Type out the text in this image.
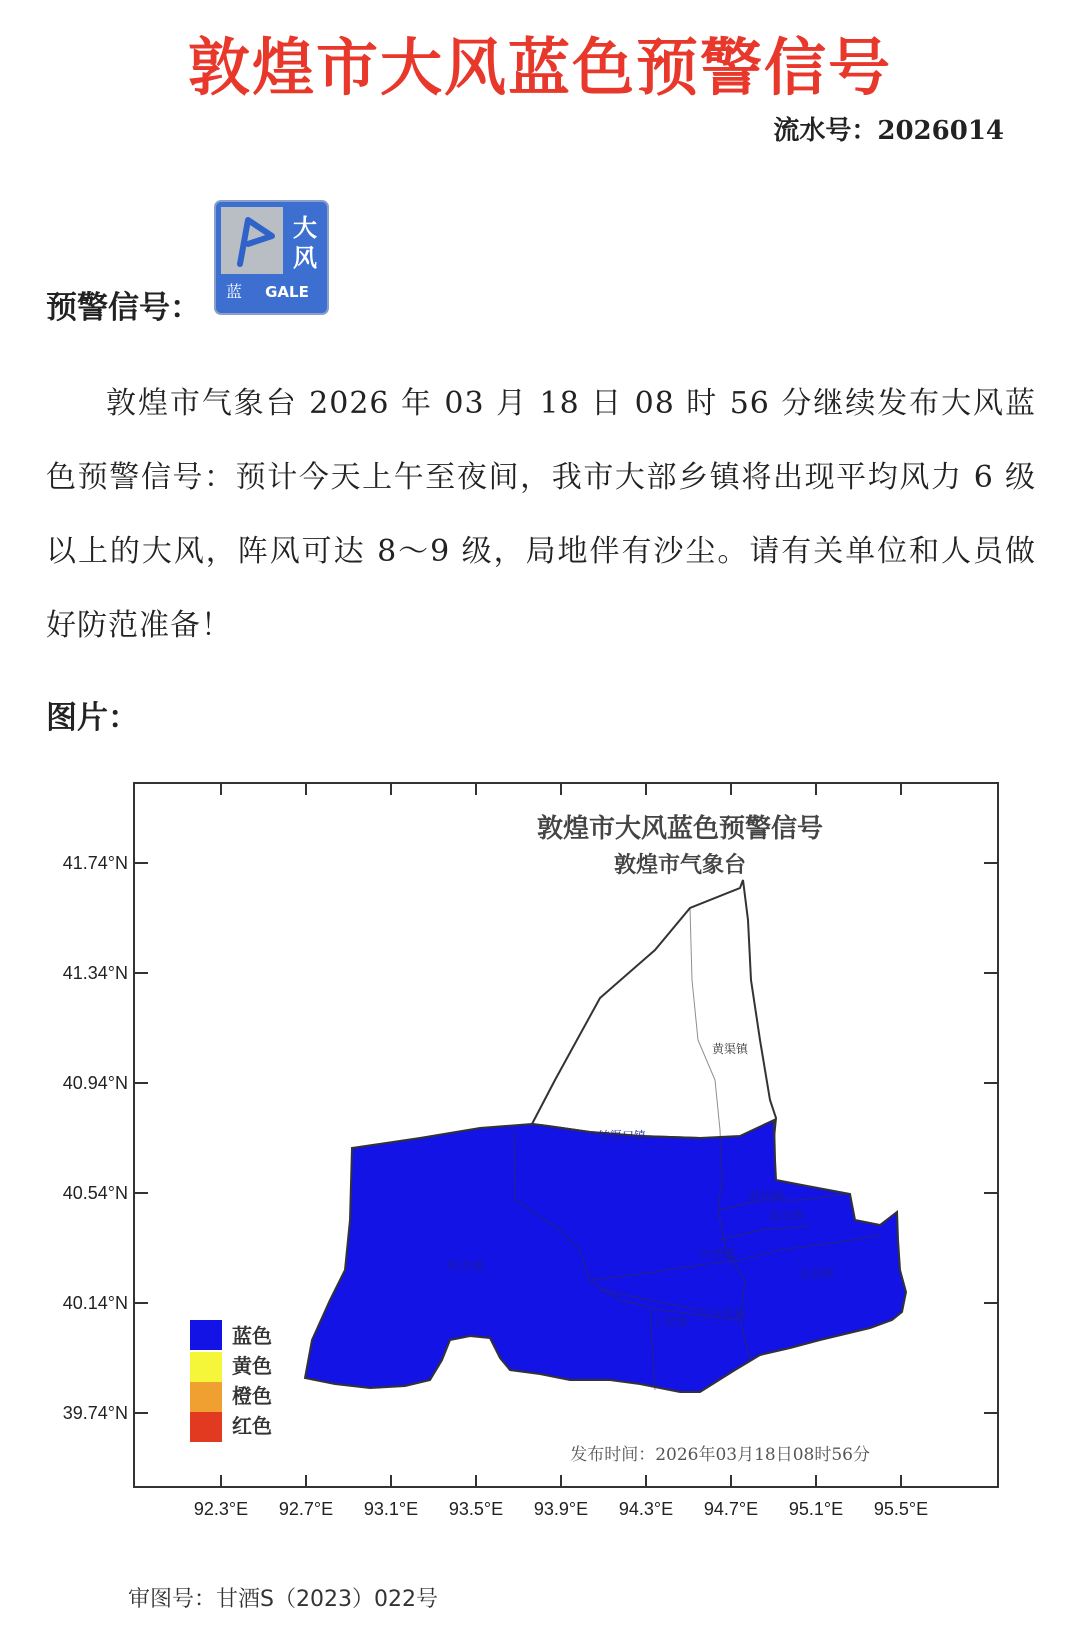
敦煌市大风蓝色预警信号
流水号：2026014
预警信号：
大
风
蓝 GALE
敦煌市气象台 2026 年 03 月 18 日 08 时 56 分继续发布大风蓝色预警信号：预计今天上午至夜间，我市大部乡镇将出现平均风力 6 级以上的大风，阵风可达 8～9 级，局地伴有沙尘。请有关单位和人员做好防范准备！
图片：
敦煌市大风蓝色预警信号
敦煌市气象台
41.74°N
41.34°N
40.94°N
40.54°N
40.14°N
39.74°N
92.3°E 92.7°E 93.1°E 93.5°E 93.9°E 94.3°E 94.7°E 95.1°E 95.5°E
黄渠镇
转渠口镇
阳关镇
肃州镇
莫高镇
沙州镇
北部镇
月牙泉镇
七里镇
蓝色
黄色
橙色
红色
发布时间：2026年03月18日08时56分
审图号：甘酒S（2023）022号
